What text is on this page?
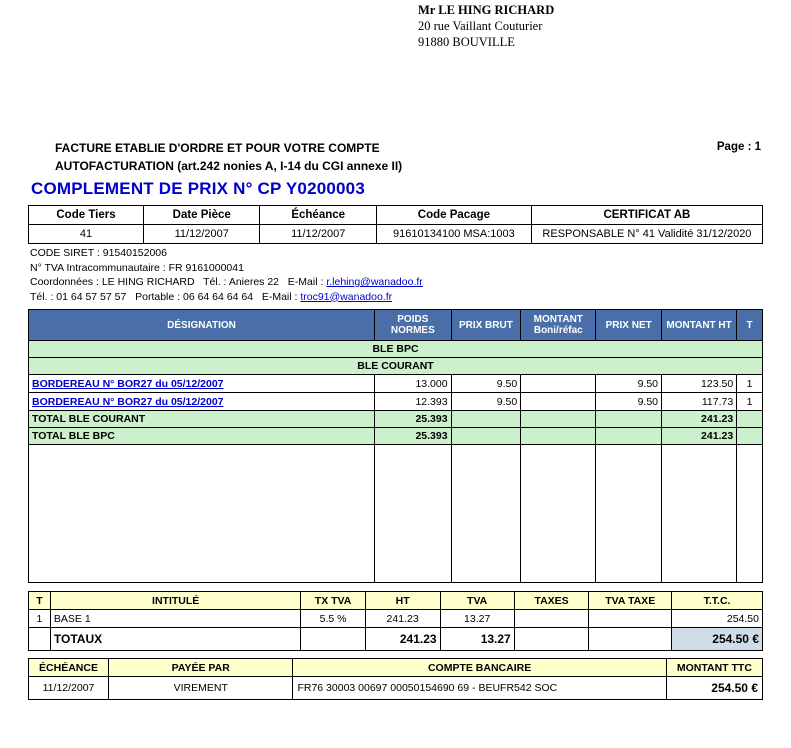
Mr LE HING RICHARD
20 rue Vaillant Couturier
91880 BOUVILLE
FACTURE ETABLIE D'ORDRE ET POUR VOTRE COMPTE
AUTOFACTURATION (art.242 nonies A, I-14 du CGI annexe II)
Page : 1
COMPLEMENT DE PRIX N° CP Y0200003
Code Tiers	Date Pièce	Échéance	Code Pacage	CERTIFICAT AB
41	11/12/2007	11/12/2007	91610134100 MSA:1003	RESPONSABLE N° 41 Validité 31/12/2020
CODE SIRET : 91540152006
N° TVA Intracommunautaire : FR 9161000041
Coordonnées : LE HING RICHARD Tél. : Anieres 22 E-Mail : r.lehing@wanadoo.fr
Tél. : 01 64 57 57 57 Portable : 06 64 64 64 64 E-Mail : troc91@wanadoo.fr
DÉSIGNATION	POIDS NORMES	PRIX BRUT	MONTANT Boni/réfac	PRIX NET	MONTANT HT	T
BLE BPC						
BLE COURANT						
BORDEREAU N° BOR27 du 05/12/2007	13.000	9.50		9.50	123.50	1
BORDEREAU N° BOR27 du 05/12/2007	12.393	9.50		9.50	117.73	1
TOTAL BLE COURANT	25.393				241.23	
TOTAL BLE BPC	25.393				241.23	

T	INTITULÉ	TX TVA	HT	TVA	TAXES	TVA TAXE	T.T.C.
1	BASE 1	5.5 %	241.23	13.27			254.50
	TOTAUX		241.23	13.27			254.50 €
ÉCHÉANCE	PAYÉE PAR	COMPTE BANCAIRE	MONTANT TTC
11/12/2007	VIREMENT	FR76 30003 00697 00050154690 69 - BEUFR542 SOC	254.50 €
